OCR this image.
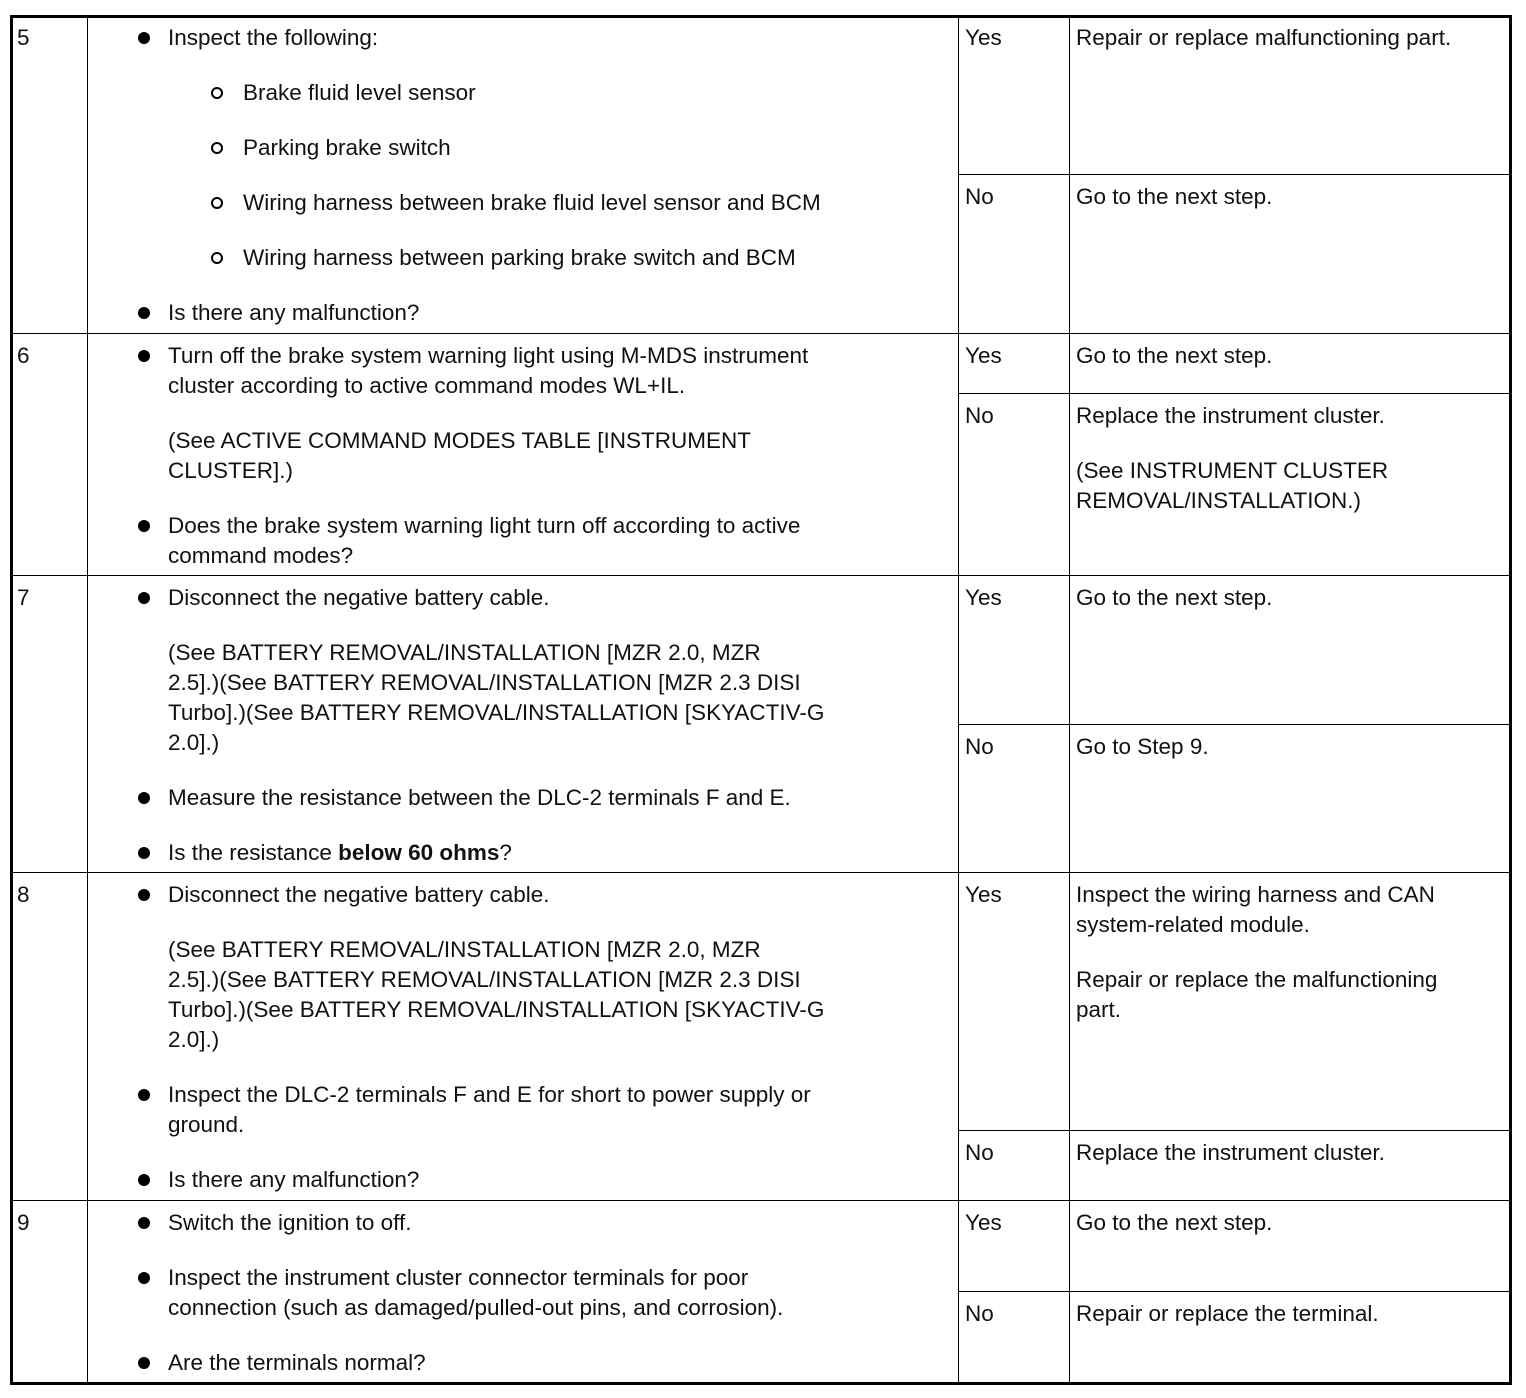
5	Inspect the following:
Brake fluid level sensor
Parking brake switch
Wiring harness between brake fluid level sensor and BCM
Wiring harness between parking brake switch and BCM
Is there any malfunction?
Yes	Repair or replace malfunctioning part.
No	Go to the next step.
6	Turn off the brake system warning light using M-MDS instrument
cluster according to active command modes WL+IL.
(See ACTIVE COMMAND MODES TABLE [INSTRUMENT
CLUSTER].)
Does the brake system warning light turn off according to active
command modes?
Yes	Go to the next step.
No	Replace the instrument cluster.
(See INSTRUMENT CLUSTER
REMOVAL/INSTALLATION.)
7	Disconnect the negative battery cable.
(See BATTERY REMOVAL/INSTALLATION [MZR 2.0, MZR
2.5].)(See BATTERY REMOVAL/INSTALLATION [MZR 2.3 DISI
Turbo].)(See BATTERY REMOVAL/INSTALLATION [SKYACTIV-G
2.0].)
Measure the resistance between the DLC-2 terminals F and E.
Is the resistance below 60 ohms?
Yes	Go to the next step.
No	Go to Step 9.
8	Disconnect the negative battery cable.
(See BATTERY REMOVAL/INSTALLATION [MZR 2.0, MZR
2.5].)(See BATTERY REMOVAL/INSTALLATION [MZR 2.3 DISI
Turbo].)(See BATTERY REMOVAL/INSTALLATION [SKYACTIV-G
2.0].)
Inspect the DLC-2 terminals F and E for short to power supply or
ground.
Is there any malfunction?
Yes	Inspect the wiring harness and CAN
system-related module.
Repair or replace the malfunctioning
part.
No	Replace the instrument cluster.
9	Switch the ignition to off.
Inspect the instrument cluster connector terminals for poor
connection (such as damaged/pulled-out pins, and corrosion).
Are the terminals normal?
Yes	Go to the next step.
No	Repair or replace the terminal.
